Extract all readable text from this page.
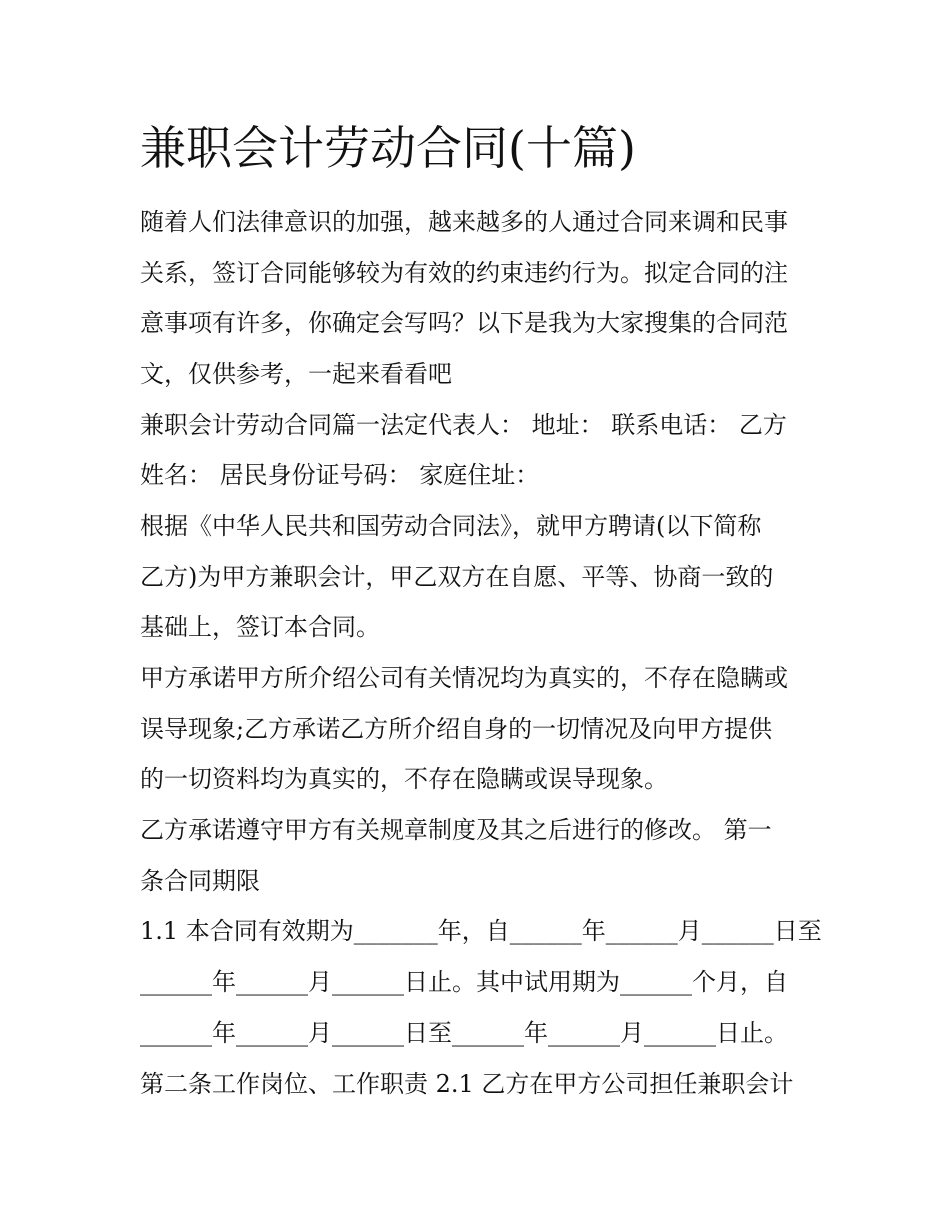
兼职会计劳动合同(十篇)
随着人们法律意识的加强，越来越多的人通过合同来调和民事
关系，签订合同能够较为有效的约束违约行为。拟定合同的注
意事项有许多，你确定会写吗？以下是我为大家搜集的合同范
文，仅供参考，一起来看看吧
兼职会计劳动合同篇一法定代表人： 地址： 联系电话： 乙方
姓名： 居民身份证号码： 家庭住址：
根据《中华人民共和国劳动合同法》，就甲方聘请(以下简称
乙方)为甲方兼职会计，甲乙双方在自愿、平等、协商一致的
基础上，签订本合同。
甲方承诺甲方所介绍公司有关情况均为真实的，不存在隐瞒或
误导现象;乙方承诺乙方所介绍自身的一切情况及向甲方提供
的一切资料均为真实的，不存在隐瞒或误导现象。
乙方承诺遵守甲方有关规章制度及其之后进行的修改。 第一
条合同期限
1.1 本合同有效期为_______年，自______年______月______日至
______年______月______日止。其中试用期为______个月，自
______年______月______日至______年______月______日止。
第二条工作岗位、工作职责 2.1 乙方在甲方公司担任兼职会计
